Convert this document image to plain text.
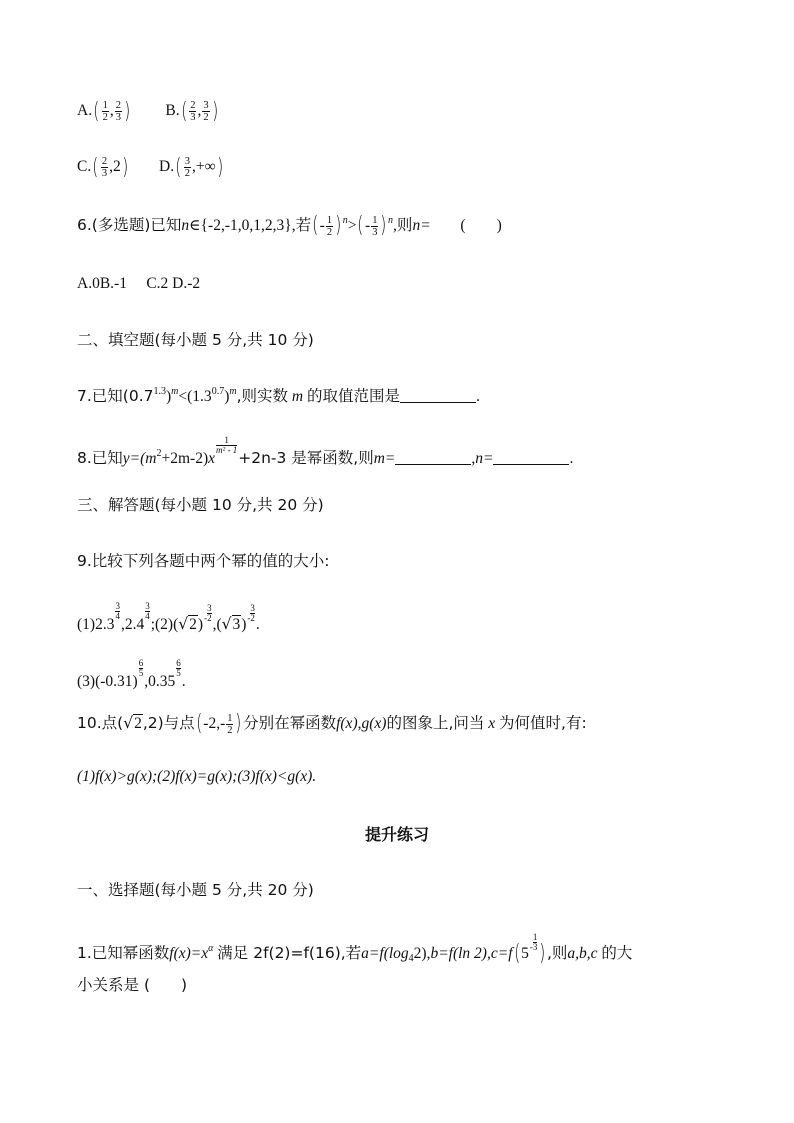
$A.( \frac{1}{2}$ , $\frac{2}{3}$ ) $B.( \frac{2}{3}$ , $\frac{3}{2}$ )
$C.( \frac{2}{3} ,2)$ $D.( \frac{3}{2}$ ,+∞)
6.(多选题)已知n∈{-2,-1,0,1,2,3},若(- $\frac{1}{2} )^n>(- \frac{1}{3} )^n$,则n= (　　)
A.0B.-1　 C.2 D.-2
二、填空题(每小题 5 分,共 10 分)
7.已知$(0.7^{1.3})^m<(1.3^{0.7})^m$,则实数 m 的取值范围是	.
8.已知$y=(m^2+2m-2)x$
$\frac{1}{\text{m² - 1}}$
+2n-3 是幂函数,则m=	,n=	.
三、解答题(每小题 10 分,共 20 分)
9.比较下列各题中两个幂的值的大小:
(1)2.3
$\frac{3}{4}$
,2.4
$\frac{3}{4}$
;(2)(√2)- $\frac{3}{2}$
$,(√3)- \frac{3}{2}$
.
(3)(-0.31)
$\frac{6}{5}$
,0.35
$\frac{6}{5}$
.
10.点(√2,2)与点($-2,- \frac{1}{2}$ )分别在幂函数f(x),g(x)的图象上,问当 x 为何值时,有:
(1)f(x)>g(x);(2)f(x)=g(x);(3)f(x)<g(x).
提升练习
一、选择题(每小题 5 分,共 20 分)
1.已知幂函数$f(x)=x^\alpha$ 满足 2f(2)=f(16),若$a=f(\log_42),b=f(\ln$ $2),c=f(5- \frac{1}{3}$ ),则a,b,c 的大
小关系是 (　　)
